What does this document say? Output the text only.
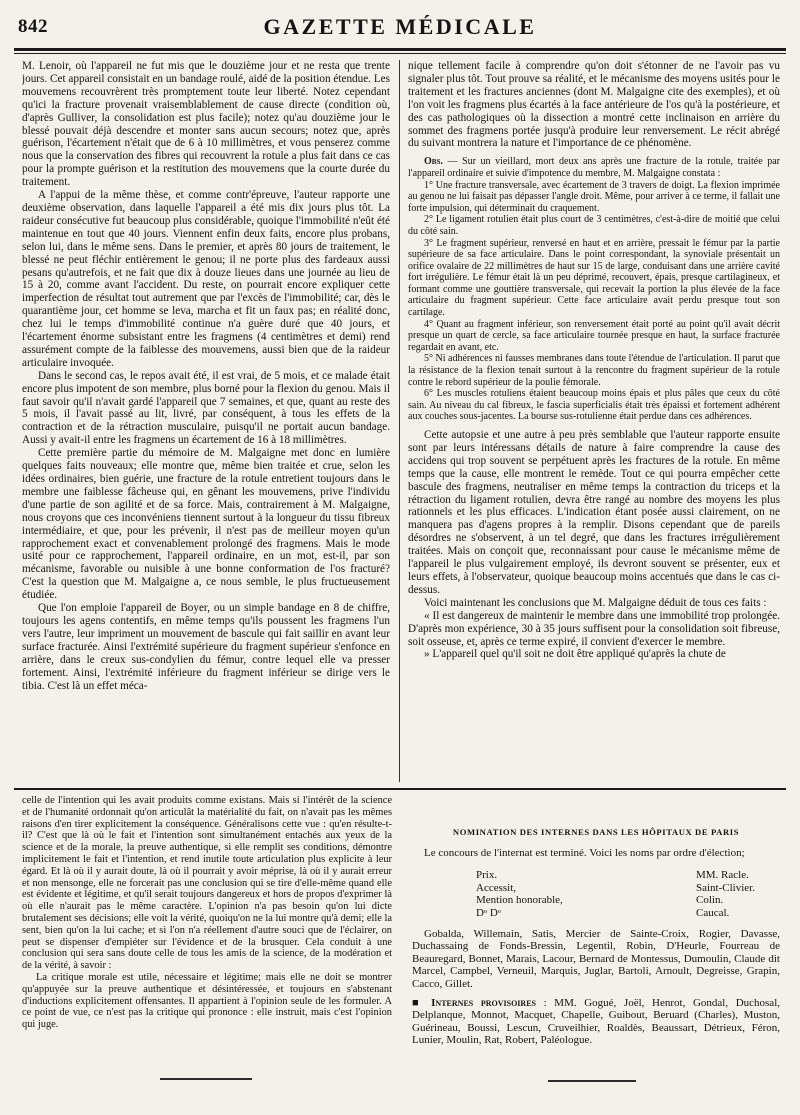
842	GAZETTE MÉDICALE

M. Lenoir, où l'appareil ne fut mis que le douzième jour et ne resta que trente jours. Cet appareil consistait en un bandage roulé, aidé de la position étendue. Les mouvemens recouvrèrent très promptement toute leur liberté. Notez cependant qu'ici la fracture provenait vraisemblablement de cause directe (condition où, d'après Gulliver, la consolidation est plus facile); notez qu'au douzième jour le blessé pouvait déjà descendre et monter sans aucun secours; notez que, après guérison, l'écartement n'était que de 6 à 10 millimètres, et vous penserez comme nous que la conservation des fibres qui recouvrent la rotule a plus fait dans ce cas pour la prompte guérison et la restitution des mouvemens que la courte durée du traitement.

A l'appui de la même thèse, et comme contr'épreuve, l'auteur rapporte une deuxième observation, dans laquelle l'appareil a été mis dix jours plus tôt. La raideur consécutive fut beaucoup plus considérable, quoique l'immobilité n'eût été maintenue en tout que 40 jours. Viennent enfin deux faits, encore plus probans, selon lui, dans le même sens. Dans le premier, et après 80 jours de traitement, le blessé ne peut fléchir entièrement le genou; il ne porte plus des fardeaux aussi pesans qu'autrefois, et ne fait que dix à douze lieues dans une journée au lieu de 15 à 20, comme avant l'accident. Du reste, on pourrait encore expliquer cette imperfection de résultat tout autrement que par l'excès de l'immobilité; car, dès le quarantième jour, cet homme se leva, marcha et fit un faux pas; en réalité donc, chez lui le temps d'immobilité continue n'a guère duré que 40 jours, et l'écartement énorme subsistant entre les fragmens (4 centimètres et demi) rend assurément compte de la faiblesse des mouvemens, aussi bien que de la raideur articulaire invoquée.

Dans le second cas, le repos avait été, il est vrai, de 5 mois, et ce malade était encore plus impotent de son membre, plus borné pour la flexion du genou. Mais il faut savoir qu'il n'avait gardé l'appareil que 7 semaines, et que, quant au reste des 5 mois, il l'avait passé au lit, livré, par conséquent, à tous les effets de la contraction et de la rétraction musculaire, puisqu'il ne portait aucun bandage. Aussi y avait-il entre les fragmens un écartement de 16 à 18 millimètres.

Cette première partie du mémoire de M. Malgaigne met donc en lumière quelques faits nouveaux; elle montre que, même bien traitée et crue, selon les idées ordinaires, bien guérie, une fracture de la rotule entretient toujours dans le membre une faiblesse fâcheuse qui, en gênant les mouvemens, prive l'individu d'une partie de son agilité et de sa force. Mais, contrairement à M. Malgaigne, nous croyons que ces inconvéniens tiennent surtout à la longueur du tissu fibreux intermédiaire, et que, pour les prévenir, il n'est pas de meilleur moyen qu'un rapprochement exact et convenablement prolongé des fragmens. Mais le mode usité pour ce rapprochement, l'appareil ordinaire, en un mot, est-il, par son mécanisme, favorable ou nuisible à une bonne conformation de l'os fracturé? C'est la question que M. Malgaigne a, ce nous semble, le plus fructueusement étudiée.

Que l'on emploie l'appareil de Boyer, ou un simple bandage en 8 de chiffre, toujours les agens contentifs, en même temps qu'ils poussent les fragmens l'un vers l'autre, leur impriment un mouvement de bascule qui fait saillir en avant leur surface fracturée. Ainsi l'extrémité supérieure du fragment supérieur s'enfonce en arrière, dans le creux sus-condylien du fémur, contre lequel elle va presser fortement. Ainsi, l'extrémité inférieure du fragment inférieur se dirige vers le tibia. C'est là un effet méca-

nique tellement facile à comprendre qu'on doit s'étonner de ne l'avoir pas vu signaler plus tôt. Tout prouve sa réalité, et le mécanisme des moyens usités pour le traitement et les fractures anciennes (dont M. Malgaigne cite des exemples), et où l'on voit les fragmens plus écartés à la face antérieure de l'os qu'à la postérieure, et des cas pathologiques où la dissection a montré cette inclinaison en arrière du sommet des fragmens portée jusqu'à produire leur renversement. Le récit abrégé du suivant montrera la nature et l'importance de ce phénomène.

Obs. — Sur un vieillard, mort deux ans après une fracture de la rotule, traitée par l'appareil ordinaire et suivie d'impotence du membre, M. Malgaigne constata :

1° Une fracture transversale, avec écartement de 3 travers de doigt. La flexion imprimée au genou ne lui faisait pas dépasser l'angle droit. Même, pour arriver à ce terme, il fallait une forte impulsion, qui déterminait du craquement.

2° Le ligament rotulien était plus court de 3 centimètres, c'est-à-dire de moitié que celui du côté sain.

3° Le fragment supérieur, renversé en haut et en arrière, pressait le fémur par la partie supérieure de sa face articulaire. Dans le point correspondant, la synoviale présentait un orifice ovalaire de 22 millimètres de haut sur 15 de large, conduisant dans une arrière cavité fort irrégulière. Le fémur était là un peu déprimé, recouvert, épais, presque cartilagineux, et formant comme une gouttière transversale, qui recevait la portion la plus élevée de la face articulaire du fragment supérieur. Cette face articulaire avait perdu presque tout son cartilage.

4° Quant au fragment inférieur, son renversement était porté au point qu'il avait décrit presque un quart de cercle, sa face articulaire tournée presque en haut, la surface fracturée regardait en avant, etc.

5° Ni adhérences ni fausses membranes dans toute l'étendue de l'articulation. Il parut que la résistance de la flexion tenait surtout à la rencontre du fragment supérieur de la rotule contre le rebord supérieur de la poulie fémorale.

6° Les muscles rotuliens étaient beaucoup moins épais et plus pâles que ceux du côté sain. Au niveau du cal fibreux, le fascia superficialis était très épaissi et fortement adhérent aux couches sous-jacentes. La bourse sus-rotulienne était perdue dans ces adhérences.

Cette autopsie et une autre à peu près semblable que l'auteur rapporte ensuite sont par leurs intéressans détails de nature à faire comprendre la cause des accidens qui trop souvent se perpétuent après les fractures de la rotule. En même temps que la cause, elle montrent le remède. Tout ce qui pourra empêcher cette bascule des fragmens, neutraliser en même temps la contraction du triceps et la rétraction du ligament rotulien, devra être rangé au nombre des moyens les plus rationnels et les plus efficaces. L'indication étant posée aussi clairement, on ne manquera pas d'agens propres à la remplir. Disons cependant que de pareils désordres ne s'observent, à un tel degré, que dans les fractures irrégulièrement traitées. Mais on conçoit que, reconnaissant pour cause le mécanisme même de l'appareil le plus vulgairement employé, ils devront souvent se présenter, eux et leurs effets, à l'observateur, quoique beaucoup moins accentués que dans le cas ci-dessus.

Voici maintenant les conclusions que M. Malgaigne déduit de tous ces faits :

« Il est dangereux de maintenir le membre dans une immobilité trop prolongée. D'après mon expérience, 30 à 35 jours suffisent pour la consolidation soit fibreuse, soit osseuse, et, après ce terme expiré, il convient d'exercer le membre.

» L'appareil quel qu'il soit ne doit être appliqué qu'après la chute de

celle de l'intention qui les avait produits comme existans. Mais si l'intérêt de la science et de l'humanité ordonnait qu'on articulât la matérialité du fait, on n'avait pas les mêmes raisons d'en tirer explicitement la conséquence. Généralisons cette vue : qu'en résulte-t-il? C'est que là où le fait et l'intention sont simultanément entachés aux yeux de la science et de la morale, la preuve authentique, si elle remplit ses conditions, démontre implicitement le fait et l'intention, et rend inutile toute articulation plus explicite à leur égard. Et là où il y aurait doute, là où il pourrait y avoir méprise, là où il y aurait erreur et non mensonge, elle ne forcerait pas une conclusion qui se tire d'elle-même quand elle est évidente et légitime, et qu'il serait toujours dangereux et hors de propos d'exprimer là où elle n'aurait pas le même caractère. L'opinion n'a pas besoin qu'on lui dicte brutalement ses décisions; elle voit la vérité, quoiqu'on ne la lui montre qu'à demi; elle la sent, bien qu'on la lui cache; et si l'on n'a réellement d'autre souci que de l'éclairer, on peut se dispenser d'empiéter sur l'évidence et de la brusquer. Cela conduit à une conclusion qui sera sans doute celle de tous les amis de la science, de la modération et de la vérité, à savoir :

La critique morale est utile, nécessaire et légitime; mais elle ne doit se montrer qu'appuyée sur la preuve authentique et désintéressée, et toujours en s'abstenant d'inductions explicitement offensantes. Il appartient à l'opinion seule de les formuler. A ce point de vue, ce n'est pas la critique qui prononce : elle instruit, mais c'est l'opinion qui juge.

NOMINATION DES INTERNES DANS LES HÔPITAUX DE PARIS

Le concours de l'internat est terminé. Voici les noms par ordre d'élection;

Prix.	MM. Racle.
Accessit,	Saint-Clivier.
Mention honorable,	Colin.
Dᵒ Dᵒ	Caucal.

Gobalda, Willemain, Satis, Mercier de Sainte-Croix, Rogier, Davasse, Duchassaing de Fonds-Bressin, Legentil, Robin, D'Heurle, Fourreau de Beauregard, Bonnet, Marais, Lacour, Bernard de Montessus, Dumoulin, Claude dit Marcel, Campbel, Verneuil, Marquis, Juglar, Bartoli, Arnoult, Degreisse, Grapin, Cacco, Gillet.

■ Internes provisoires : MM. Gogué, Joël, Henrot, Gondal, Duchosal, Delplanque, Monnot, Macquet, Chapelle, Guibout, Beruard (Charles), Muston, Guérineau, Boussi, Lescun, Cruveilhier, Roaldès, Beaussart, Détrieux, Féron, Lunier, Moulin, Rat, Robert, Paléologue.
